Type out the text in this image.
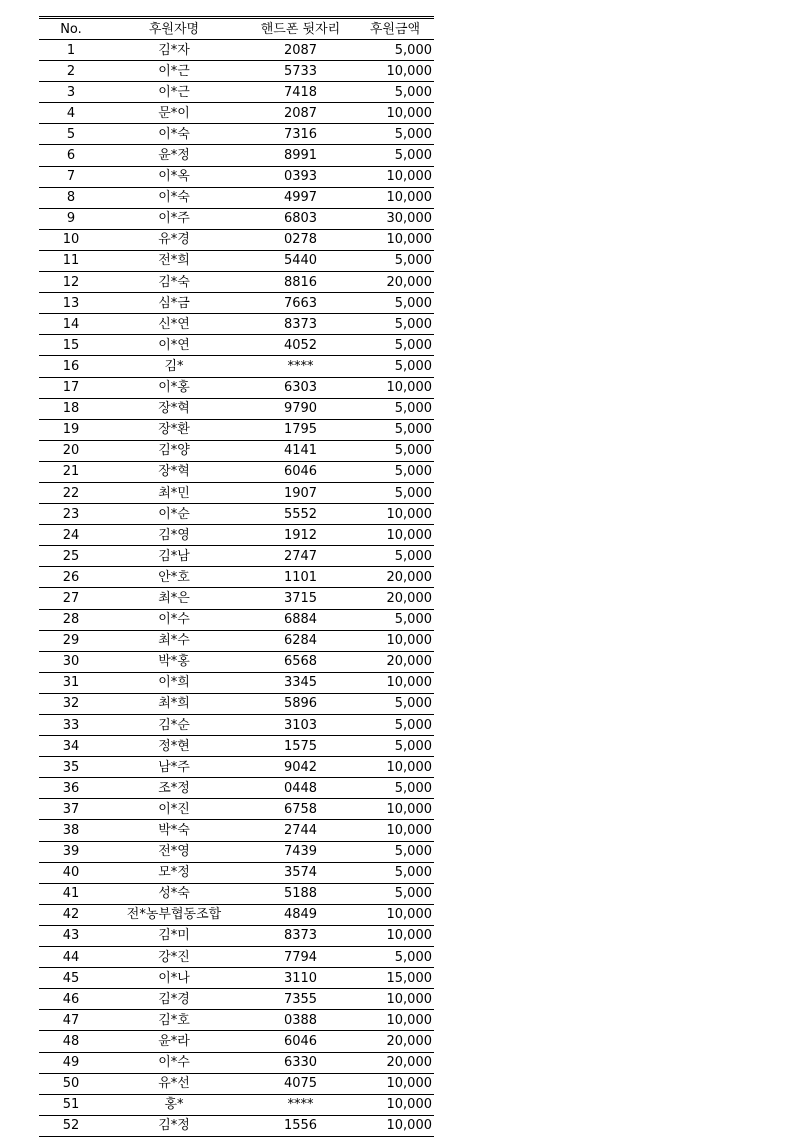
No.	후원자명	핸드폰 뒷자리	후원금액
1	김*자	2087	5,000
2	이*근	5733	10,000
3	이*근	7418	5,000
4	문*이	2087	10,000
5	이*숙	7316	5,000
6	윤*정	8991	5,000
7	이*옥	0393	10,000
8	이*숙	4997	10,000
9	이*주	6803	30,000
10	유*경	0278	10,000
11	전*희	5440	5,000
12	김*숙	8816	20,000
13	심*금	7663	5,000
14	신*연	8373	5,000
15	이*연	4052	5,000
16	김*	****	5,000
17	이*홍	6303	10,000
18	장*혁	9790	5,000
19	장*환	1795	5,000
20	김*양	4141	5,000
21	장*혁	6046	5,000
22	최*민	1907	5,000
23	이*순	5552	10,000
24	김*영	1912	10,000
25	김*남	2747	5,000
26	안*호	1101	20,000
27	최*은	3715	20,000
28	이*수	6884	5,000
29	최*수	6284	10,000
30	박*홍	6568	20,000
31	이*희	3345	10,000
32	최*희	5896	5,000
33	김*순	3103	5,000
34	정*현	1575	5,000
35	남*주	9042	10,000
36	조*정	0448	5,000
37	이*진	6758	10,000
38	박*숙	2744	10,000
39	전*영	7439	5,000
40	모*정	3574	5,000
41	성*숙	5188	5,000
42	전*농부협동조합	4849	10,000
43	김*미	8373	10,000
44	강*진	7794	5,000
45	이*나	3110	15,000
46	김*경	7355	10,000
47	김*호	0388	10,000
48	윤*라	6046	20,000
49	이*수	6330	20,000
50	유*선	4075	10,000
51	홍*	****	10,000
52	김*정	1556	10,000
